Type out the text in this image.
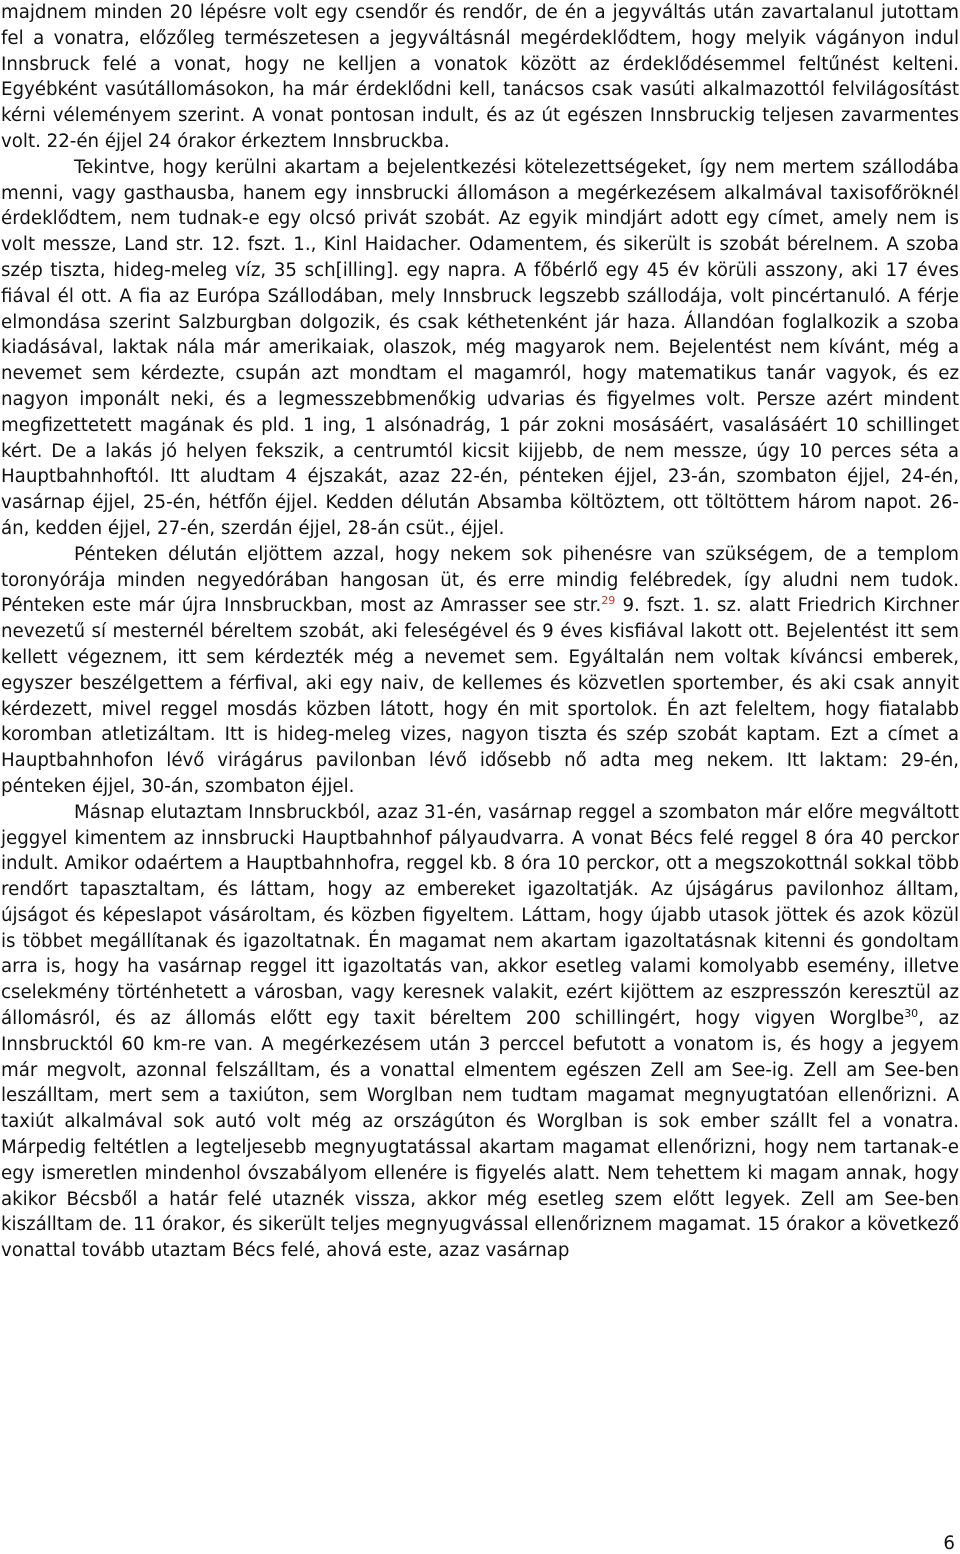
majdnem minden 20 lépésre volt egy csendőr és rendőr, de én a jegyváltás után zavartalanul jutottam fel a vonatra, előzőleg természetesen a jegyváltásnál megérdeklődtem, hogy melyik vágányon indul Innsbruck felé a vonat, hogy ne kelljen a vonatok között az érdeklődésemmel feltűnést kelteni. Egyébként vasútállomásokon, ha már érdeklődni kell, tanácsos csak vasúti alkalmazottól felvilágosítást kérni véleményem szerint. A vonat pontosan indult, és az út egészen Innsbruckig teljesen zavarmentes volt. 22-én éjjel 24 órakor érkeztem Innsbruckba.

Tekintve, hogy kerülni akartam a bejelentkezési kötelezettségeket, így nem mertem szállodába menni, vagy gasthausba, hanem egy innsbrucki állomáson a megérkezésem alkalmával taxisofőröknél érdeklődtem, nem tudnak-e egy olcsó privát szobát. Az egyik mindjárt adott egy címet, amely nem is volt messze, Land str. 12. fszt. 1., Kinl Haidacher. Odamentem, és sikerült is szobát bérelnem. A szoba szép tiszta, hideg-meleg víz, 35 sch[illing]. egy napra. A főbérlő egy 45 év körüli asszony, aki 17 éves fiával él ott. A fia az Európa Szállodában, mely Innsbruck legszebb szállodája, volt pincértanuló. A férje elmondása szerint Salzburgban dolgozik, és csak kéthetenként jár haza. Állandóan foglalkozik a szoba kiadásával, laktak nála már amerikaiak, olaszok, még magyarok nem. Bejelentést nem kívánt, még a nevemet sem kérdezte, csupán azt mondtam el magamról, hogy matematikus tanár vagyok, és ez nagyon imponált neki, és a legmesszebbmenőkig udvarias és figyelmes volt. Persze azért mindent megfizettetett magának és pld. 1 ing, 1 alsónadrág, 1 pár zokni mosásáért, vasalásáért 10 schillinget kért. De a lakás jó helyen fekszik, a centrumtól kicsit kijjebb, de nem messze, úgy 10 perces séta a Hauptbahnhoftól. Itt aludtam 4 éjszakát, azaz 22-én, pénteken éjjel, 23-án, szombaton éjjel, 24-én, vasárnap éjjel, 25-én, hétfőn éjjel. Kedden délután Absamba költöztem, ott töltöttem három napot. 26-án, kedden éjjel, 27-én, szerdán éjjel, 28-án csüt., éjjel.

Pénteken délután eljöttem azzal, hogy nekem sok pihenésre van szükségem, de a templom toronyórája minden negyedórában hangosan üt, és erre mindig felébredek, így aludni nem tudok. Pénteken este már újra Innsbruckban, most az Amrasser see str.$^{29}$ 9. fszt. 1. sz. alatt Friedrich Kirchner nevezetű sí mesternél béreltem szobát, aki feleségével és 9 éves kisfiával lakott ott. Bejelentést itt sem kellett végeznem, itt sem kérdezték még a nevemet sem. Egyáltalán nem voltak kíváncsi emberek, egyszer beszélgettem a férfival, aki egy naiv, de kellemes és közvetlen sportember, és aki csak annyit kérdezett, mivel reggel mosdás közben látott, hogy én mit sportolok. Én azt feleltem, hogy fiatalabb koromban atletizáltam. Itt is hideg-meleg vizes, nagyon tiszta és szép szobát kaptam. Ezt a címet a Hauptbahnhofon lévő virágárus pavilonban lévő idősebb nő adta meg nekem. Itt laktam: 29-én, pénteken éjjel, 30-án, szombaton éjjel.

Másnap elutaztam Innsbruckból, azaz 31-én, vasárnap reggel a szombaton már előre megváltott jeggyel kimentem az innsbrucki Hauptbahnhof pályaudvarra. A vonat Bécs felé reggel 8 óra 40 perckor indult. Amikor odaértem a Hauptbahnhofra, reggel kb. 8 óra 10 perckor, ott a megszokottnál sokkal több rendőrt tapasztaltam, és láttam, hogy az embereket igazoltatják. Az újságárus pavilonhoz álltam, újságot és képeslapot vásároltam, és közben figyeltem. Láttam, hogy újabb utasok jöttek és azok közül is többet megállítanak és igazoltatnak. Én magamat nem akartam igazoltatásnak kitenni és gondoltam arra is, hogy ha vasárnap reggel itt igazoltatás van, akkor esetleg valami komolyabb esemény, illetve cselekmény történhetett a városban, vagy keresnek valakit, ezért kijöttem az eszpresszón keresztül az állomásról, és az állomás előtt egy taxit béreltem 200 schillingért, hogy vigyen Worglbe$^{30}$, az Innsbrucktól 60 km-re van. A megérkezésem után 3 perccel befutott a vonatom is, és hogy a jegyem már megvolt, azonnal felszálltam, és a vonattal elmentem egészen Zell am See-ig. Zell am See-ben leszálltam, mert sem a taxiúton, sem Worglban nem tudtam magamat megnyugtatóan ellenőrizni. A taxiút alkalmával sok autó volt még az országúton és Worglban is sok ember szállt fel a vonatra. Márpedig feltétlen a legteljesebb megnyugtatással akartam magamat ellenőrizni, hogy nem tartanak-e egy ismeretlen mindenhol óvszabályom ellenére is figyelés alatt. Nem tehettem ki magam annak, hogy akikor Bécsből a határ felé utaznék vissza, akkor még esetleg szem előtt legyek. Zell am See-ben kiszálltam de. 11 órakor, és sikerült teljes megnyugvással ellenőriznem magamat. 15 órakor a következő vonattal tovább utaztam Bécs felé, ahová este, azaz vasárnap

6
